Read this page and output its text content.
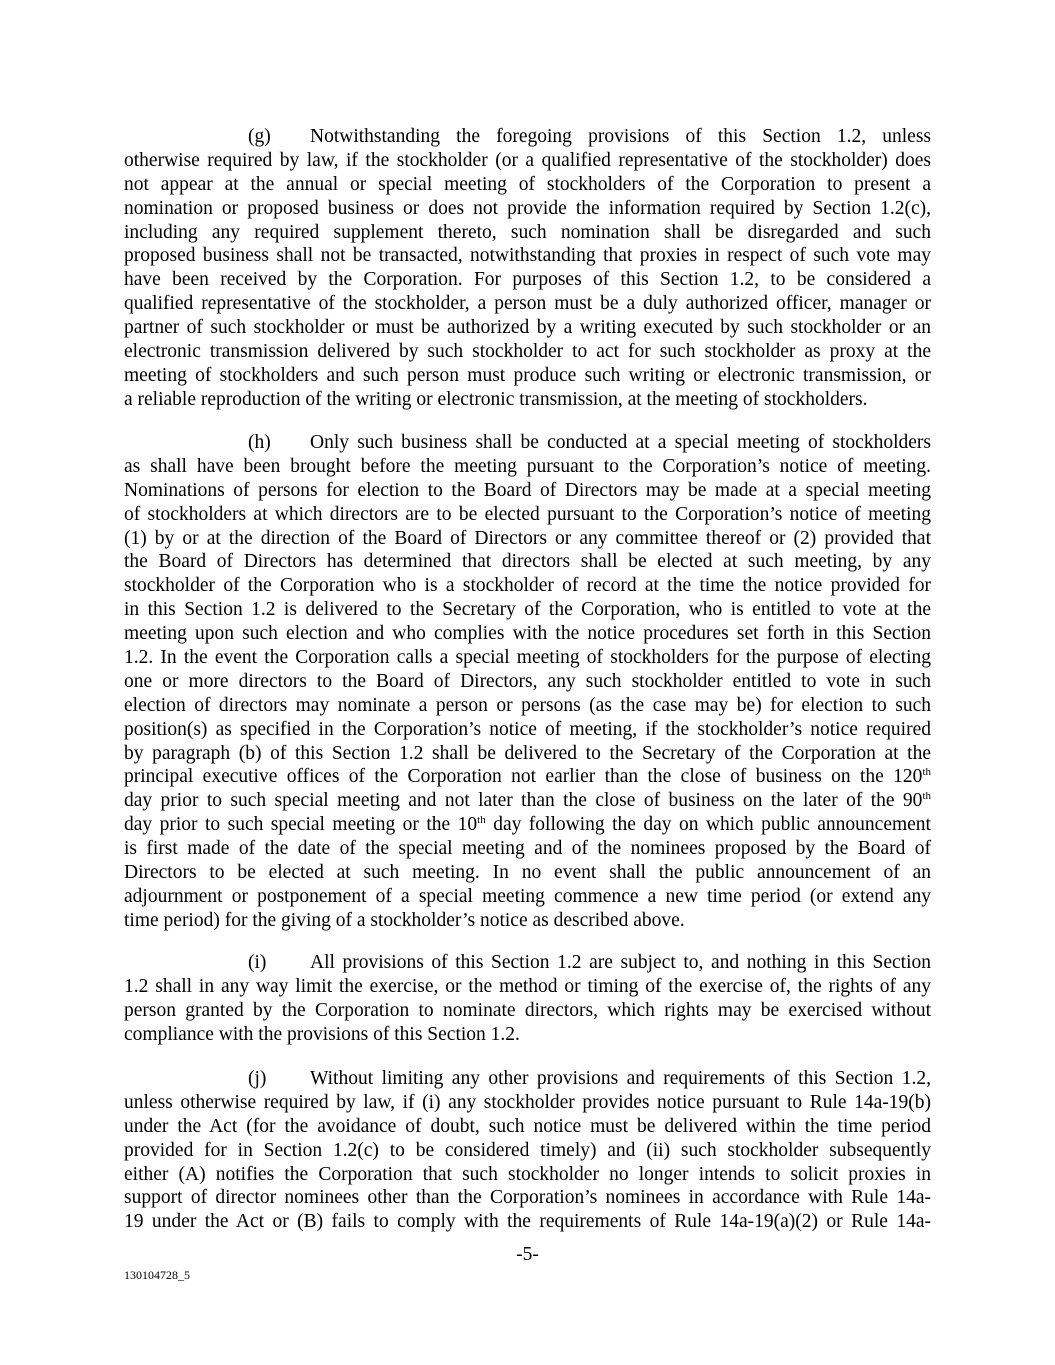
(g) Notwithstanding the foregoing provisions of this Section 1.2, unless
otherwise required by law, if the stockholder (or a qualified representative of the stockholder) does
not appear at the annual or special meeting of stockholders of the Corporation to present a
nomination or proposed business or does not provide the information required by Section 1.2(c),
including any required supplement thereto, such nomination shall be disregarded and such
proposed business shall not be transacted, notwithstanding that proxies in respect of such vote may
have been received by the Corporation. For purposes of this Section 1.2, to be considered a
qualified representative of the stockholder, a person must be a duly authorized officer, manager or
partner of such stockholder or must be authorized by a writing executed by such stockholder or an
electronic transmission delivered by such stockholder to act for such stockholder as proxy at the
meeting of stockholders and such person must produce such writing or electronic transmission, or
a reliable reproduction of the writing or electronic transmission, at the meeting of stockholders.
(h) Only such business shall be conducted at a special meeting of stockholders
as shall have been brought before the meeting pursuant to the Corporation’s notice of meeting.
Nominations of persons for election to the Board of Directors may be made at a special meeting
of stockholders at which directors are to be elected pursuant to the Corporation’s notice of meeting
(1) by or at the direction of the Board of Directors or any committee thereof or (2) provided that
the Board of Directors has determined that directors shall be elected at such meeting, by any
stockholder of the Corporation who is a stockholder of record at the time the notice provided for
in this Section 1.2 is delivered to the Secretary of the Corporation, who is entitled to vote at the
meeting upon such election and who complies with the notice procedures set forth in this Section
1.2. In the event the Corporation calls a special meeting of stockholders for the purpose of electing
one or more directors to the Board of Directors, any such stockholder entitled to vote in such
election of directors may nominate a person or persons (as the case may be) for election to such
position(s) as specified in the Corporation’s notice of meeting, if the stockholder’s notice required
by paragraph (b) of this Section 1.2 shall be delivered to the Secretary of the Corporation at the
principal executive offices of the Corporation not earlier than the close of business on the 120th
day prior to such special meeting and not later than the close of business on the later of the 90th
day prior to such special meeting or the 10th day following the day on which public announcement
is first made of the date of the special meeting and of the nominees proposed by the Board of
Directors to be elected at such meeting. In no event shall the public announcement of an
adjournment or postponement of a special meeting commence a new time period (or extend any
time period) for the giving of a stockholder’s notice as described above.
(i) All provisions of this Section 1.2 are subject to, and nothing in this Section
1.2 shall in any way limit the exercise, or the method or timing of the exercise of, the rights of any
person granted by the Corporation to nominate directors, which rights may be exercised without
compliance with the provisions of this Section 1.2.
(j) Without limiting any other provisions and requirements of this Section 1.2,
unless otherwise required by law, if (i) any stockholder provides notice pursuant to Rule 14a-19(b)
under the Act (for the avoidance of doubt, such notice must be delivered within the time period
provided for in Section 1.2(c) to be considered timely) and (ii) such stockholder subsequently
either (A) notifies the Corporation that such stockholder no longer intends to solicit proxies in
support of director nominees other than the Corporation’s nominees in accordance with Rule 14a-
19 under the Act or (B) fails to comply with the requirements of Rule 14a-19(a)(2) or Rule 14a-
-5-
130104728_5
